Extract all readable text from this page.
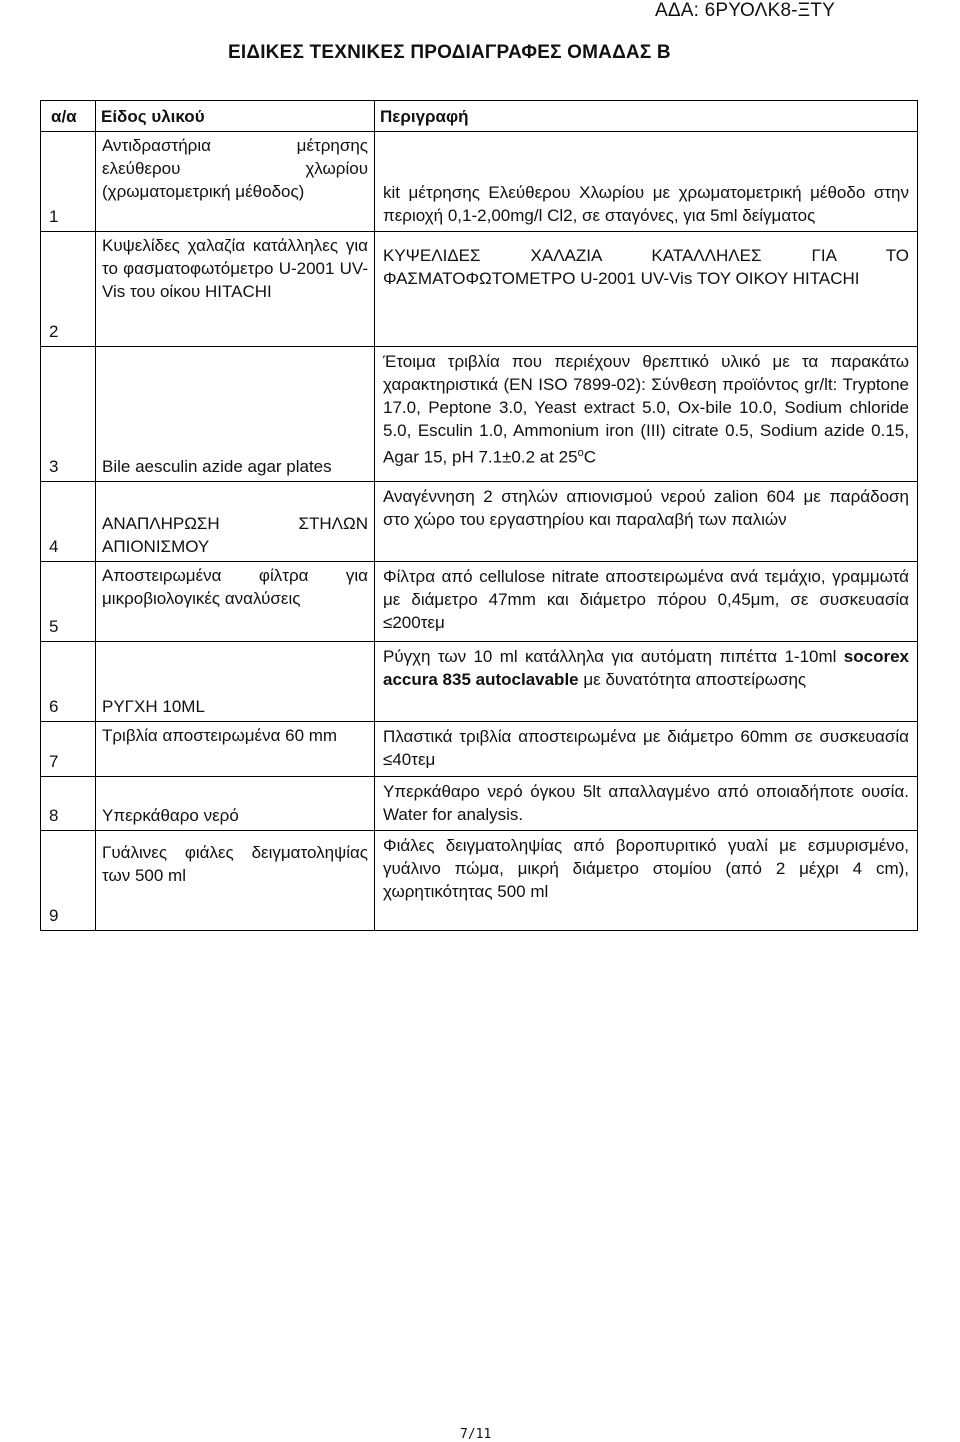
ΑΔΑ: 6ΡΥΟΛΚ8-ΞΤΥ
ΕΙΔΙΚΕΣ ΤΕΧΝΙΚΕΣ ΠΡΟΔΙΑΓΡΑΦΕΣ ΟΜΑΔΑΣ Β
α/α	Είδος υλικού	Περιγραφή
1	Αντιδραστήρια μέτρησης ελεύθερου χλωρίου (χρωματομετρική μέθοδος)	kit μέτρησης Ελεύθερου Χλωρίου με χρωματομετρική μέθοδο στην περιοχή 0,1-2,00mg/l Cl2, σε σταγόνες, για 5ml δείγματος
2	Κυψελίδες χαλαζία κατάλληλες για το φασματοφωτόμετρο U-2001 UV-Vis του οίκου HITACHI	ΚΥΨΕΛΙΔΕΣ ΧΑΛΑΖΙΑ ΚΑΤΑΛΛΗΛΕΣ ΓΙΑ ΤΟ ΦΑΣΜΑΤΟΦΩΤΟΜΕΤΡΟ U-2001 UV-Vis ΤΟΥ ΟΙΚΟΥ HITACHI
3	Bile aesculin azide agar plates	Έτοιμα τριβλία που περιέχουν θρεπτικό υλικό με τα παρακάτω χαρακτηριστικά (EN ISO 7899-02): Σύνθεση προϊόντος gr/lt: Tryptone 17.0, Peptone 3.0, Yeast extract 5.0, Ox-bile 10.0, Sodium chloride 5.0, Esculin 1.0, Ammonium iron (III) citrate 0.5, Sodium azide 0.15, Agar 15, pH 7.1±0.2 at 25$^o$C
4	ΑΝΑΠΛΗΡΩΣΗ ΣΤΗΛΩΝ ΑΠΙΟΝΙΣΜΟΥ	Αναγέννηση 2 στηλών απιονισμού νερού zalion 604 με παράδοση στο χώρο του εργαστηρίου και παραλαβή των παλιών
5	Αποστειρωμένα φίλτρα για μικροβιολογικές αναλύσεις	Φίλτρα από cellulose nitrate αποστειρωμένα ανά τεμάχιο, γραμμωτά με διάμετρο 47mm και διάμετρο πόρου 0,45μm, σε συσκευασία ≤200τεμ
6	ΡΥΓΧΗ 10ML	Ρύγχη των 10 ml κατάλληλα για αυτόματη πιπέττα 1-10ml socorex accura 835 autoclavable με δυνατότητα αποστείρωσης
7	Τριβλία αποστειρωμένα 60 mm	Πλαστικά τριβλία αποστειρωμένα με διάμετρο 60mm σε συσκευασία ≤40τεμ
8	Υπερκάθαρο νερό	Υπερκάθαρο νερό όγκου 5lt απαλλαγμένο από οποιαδήποτε ουσία. Water for analysis.
9	Γυάλινες φιάλες δειγματοληψίας των 500 ml	Φιάλες δειγματοληψίας από βοροπυριτικό γυαλί με εσμυρισμένο, γυάλινο πώμα, μικρή διάμετρο στομίου (από 2 μέχρι 4 cm), χωρητικότητας 500 ml
7/11
